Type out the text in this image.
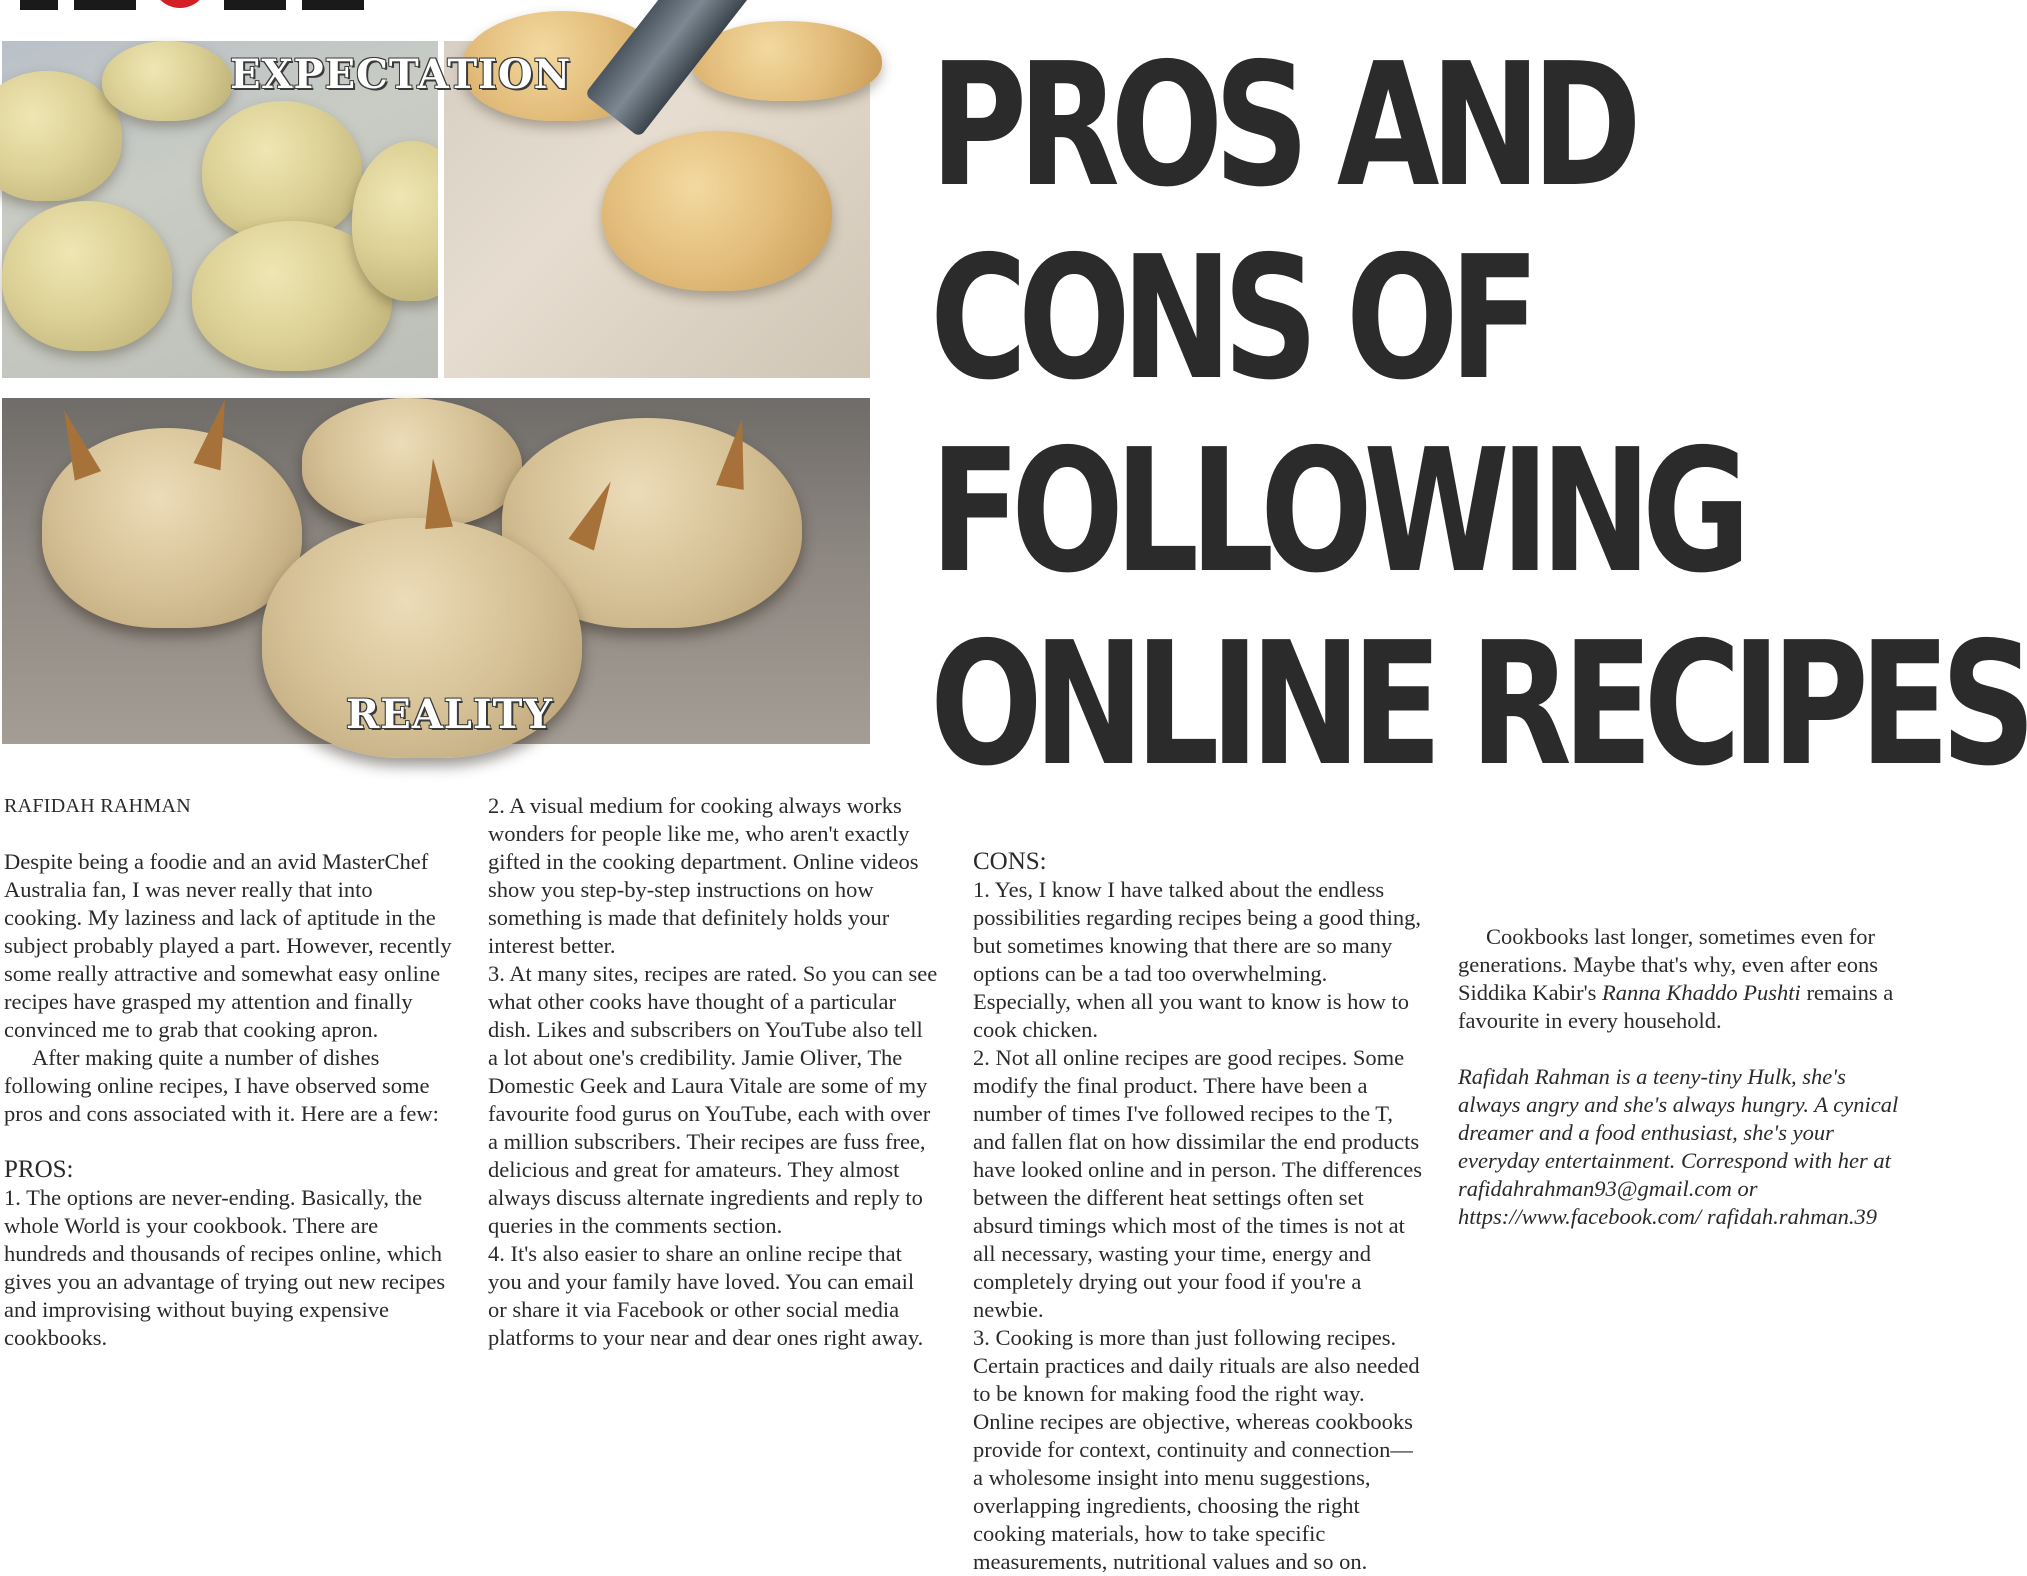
EXPECTATION
REALITY
PROS AND
CONS OF
FOLLOWING
ONLINE RECIPES

RAFIDAH RAHMAN

Despite being a foodie and an avid MasterChef Australia fan, I was never really that into cooking. My laziness and lack of aptitude in the subject probably played a part. However, recently some really attractive and somewhat easy online recipes have grasped my attention and finally convinced me to grab that cooking apron.

After making quite a number of dishes following online recipes, I have observed some pros and cons associated with it. Here are a few:

PROS:

1. The options are never-ending. Basically, the whole World is your cookbook. There are hundreds and thousands of recipes online, which gives you an advantage of trying out new recipes and improvising without buying expensive cookbooks.

2. A visual medium for cooking always works wonders for people like me, who aren't exactly gifted in the cooking department. Online videos show you step-by-step instructions on how something is made that definitely holds your interest better.

3. At many sites, recipes are rated. So you can see what other cooks have thought of a particular dish. Likes and subscribers on YouTube also tell a lot about one's credibility. Jamie Oliver, The Domestic Geek and Laura Vitale are some of my favourite food gurus on YouTube, each with over a million subscribers. Their recipes are fuss free, delicious and great for amateurs. They almost always discuss alternate ingredients and reply to queries in the comments section.

4. It's also easier to share an online recipe that you and your family have loved. You can email or share it via Facebook or other social media platforms to your near and dear ones right away.

CONS:

1. Yes, I know I have talked about the endless possibilities regarding recipes being a good thing, but sometimes knowing that there are so many options can be a tad too overwhelming. Especially, when all you want to know is how to cook chicken.

2. Not all online recipes are good recipes. Some modify the final product. There have been a number of times I've followed recipes to the T, and fallen flat on how dissimilar the end products have looked online and in person. The differences between the different heat settings often set absurd timings which most of the times is not at all necessary, wasting your time, energy and completely drying out your food if you're a newbie.

3. Cooking is more than just following recipes. Certain practices and daily rituals are also needed to be known for making food the right way. Online recipes are objective, whereas cookbooks provide for context, continuity and connection— a wholesome insight into menu suggestions, overlapping ingredients, choosing the right cooking materials, how to take specific measurements, nutritional values and so on.

Cookbooks last longer, sometimes even for generations. Maybe that's why, even after eons Siddika Kabir's Ranna Khaddo Pushti remains a favourite in every household.

Rafidah Rahman is a teeny-tiny Hulk, she's always angry and she's always hungry. A cynical dreamer and a food enthusiast, she's your everyday entertainment. Correspond with her at rafidahrahman93@gmail.com or https://www.facebook.com/ rafidah.rahman.39
